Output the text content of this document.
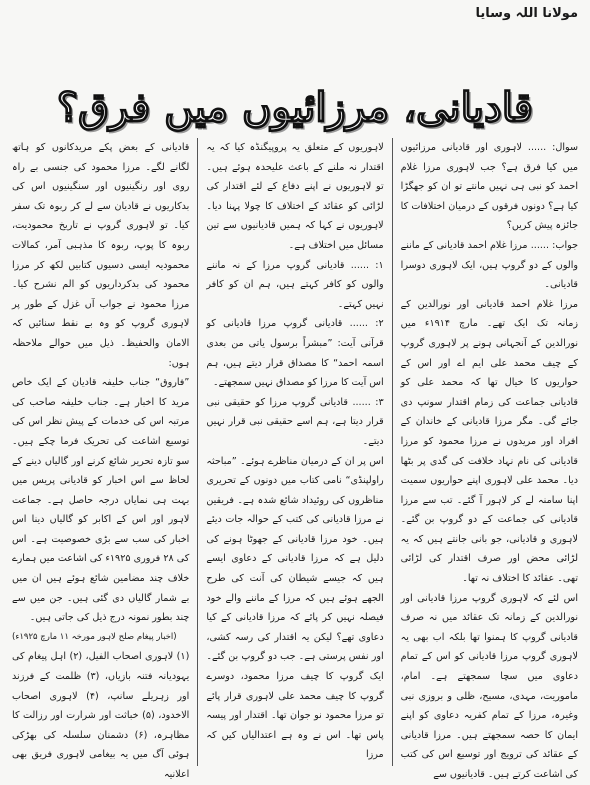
مولانا اللہ وسایا
قادیانی، مرزائیوں میں فرق؟

سوال: ...... لاہوری اور قادیانی مرزائیوں میں کیا فرق ہے؟ جب لاہوری مرزا غلام احمد کو نبی ہی نہیں مانتے تو ان کو جھگڑا کیا ہے؟ دونوں فرقوں کے درمیان اختلافات کا جائزہ پیش کریں؟

جواب: ...... مرزا غلام احمد قادیانی کے ماننے والوں کے دو گروپ ہیں، ایک لاہوری دوسرا قادیانی۔

مرزا غلام احمد قادیانی اور نورالدین کے زمانہ تک ایک تھے۔ مارچ ۱۹۱۴ء میں نورالدین کے آنجہانی ہونے پر لاہوری گروپ کے چیف محمد علی ایم اے اور اس کے حواریوں کا خیال تھا کہ محمد علی کو قادیانی جماعت کی زمام اقتدار سونپ دی جائے گی۔ مگر مرزا قادیانی کے خاندان کے افراد اور مریدوں نے مرزا محمود کو مرزا قادیانی کی نام نہاد خلافت کی گدی پر بٹھا دیا۔ محمد علی لاہوری اپنے حواریوں سمیت اپنا سامنہ لے کر لاہور آ گئے۔ تب سے مرزا قادیانی کی جماعت کے دو گروپ بن گئے۔ لاہوری و قادیانی، جو بانی جانتے ہیں کہ یہ لڑائی محض اور صرف اقتدار کی لڑائی تھی۔ عقائد کا اختلاف نہ تھا۔

اس لئے کہ لاہوری گروپ مرزا قادیانی اور نورالدین کے زمانہ تک عقائد میں نہ صرف قادیانی گروپ کا ہمنوا تھا بلکہ اب بھی یہ لاہوری گروپ مرزا قادیانی کو اس کے تمام دعاوی میں سچا سمجھتے ہے۔ امام، ماموریت، مہدی، مسیح، ظلی و بروزی نبی وغیرہ، مرزا کے تمام کفریہ دعاوی کو اپنے ایمان کا حصہ سمجھتے ہیں۔ مرزا قادیانی کے عقائد کی ترویج اور توسیع اس کی کتب کی اشاعت کرتے ہیں۔ قادیانیوں سے

لاہوریوں کے متعلق یہ پروپیگنڈہ کیا کہ یہ اقتدار نہ ملنے کے باعث علیحدہ ہوئے ہیں۔ تو لاہوریوں نے اپنے دفاع کے لئے اقتدار کی لڑائی کو عقائد کے اختلاف کا چولا پہنا دیا۔ لاہوریوں نے کہا کہ ہمیں قادیانیوں سے تین مسائل میں اختلاف ہے۔

۱: ...... قادیانی گروپ مرزا کے نہ ماننے والوں کو کافر کہتے ہیں، ہم ان کو کافر نہیں کہتے۔

۲: ...... قادیانی گروپ مرزا قادیانی کو قرآنی آیت: ”مبشراً برسول یاتی من بعدی اسمہ احمد“ کا مصداق قرار دیتے ہیں، ہم اس آیت کا مرزا کو مصداق نہیں سمجھتے۔

۳: ...... قادیانی گروپ مرزا کو حقیقی نبی قرار دیتا ہے، ہم اسے حقیقی نبی قرار نہیں دیتے۔

اس پر ان کے درمیان مناظرے ہوئے۔ ”مباحثہ راولپنڈی“ نامی کتاب میں دونوں کے تحریری مناظروں کی روئیداد شائع شدہ ہے۔ فریقین نے مرزا قادیانی کی کتب کے حوالہ جات دیئے ہیں۔ خود مرزا قادیانی کے جھوٹا ہونے کی دلیل ہے کہ مرزا قادیانی کے دعاوی ایسے ہیں کہ جیسے شیطان کی آنت کی طرح الجھے ہوئے ہیں کہ مرزا کے ماننے والے خود فیصلہ نہیں کر پائے کہ مرزا قادیانی کے کیا دعاوی تھے؟ لیکن یہ اقتدار کی رسہ کشی، اور نفس پرستی ہے۔ جب دو گروپ بن گئے۔ ایک گروپ کا چیف مرزا محمود، دوسرے گروپ کا چیف محمد علی لاہوری قرار پائے تو مرزا محمود نو جوان تھا۔ اقتدار اور پیسہ پاس تھا۔ اس نے وہ ہے اعتدالیاں کیں کہ مرزا

قادیانی کے بعض پکے مریدکانوں کو ہاتھ لگانے لگے۔ مرزا محمود کی جنسی بے راہ روی اور رنگینیوں اور سنگینیوں اس کی بدکاریوں نے قادیان سے لے کر ربوہ تک سفر کیا۔ تو لاہوری گروپ نے تاریخ محمودیت، ربوہ کا پوپ، ربوہ کا مذہبی آمر، کمالات محمودیہ ایسی دسیوں کتابیں لکھ کر مرزا محمود کی بدکرداریوں کو الم نشرح کیا۔ مرزا محمود نے جواب آں غزل کے طور پر لاہوری گروپ کو وہ بے نقط سنائیں کہ الامان والحفیظ۔ ذیل میں حوالے ملاحظہ ہوں:

”فاروق“ جناب خلیفہ قادیان کے ایک خاص مرید کا اخبار ہے۔ جناب خلیفہ صاحب کی مرتبہ اس کی خدمات کے پیش نظر اس کی توسیع اشاعت کی تحریک فرما چکے ہیں۔ سو تازہ تحریر شائع کرنے اور گالیاں دینے کے لحاظ سے اس اخبار کو قادیانی پریس میں بہت ہی نمایاں درجہ حاصل ہے۔ جماعت لاہور اور اس کے اکابر کو گالیاں دینا اس اخبار کی سب سے بڑی خصوصیت ہے۔ اس کی ۲۸ فروری ۱۹۲۵ء کی اشاعت میں ہمارے خلاف چند مضامین شائع ہوئے ہیں ان میں بے شمار گالیاں دی گئی ہیں۔ جن میں سے چند بطور نمونہ درج ذیل کی جاتی ہیں۔

(اخبار پیغام صلح لاہور مورخہ ۱۱ مارچ ۱۹۲۵ء)

(۱) لاہوری اصحاب الفیل، (۲) اہل پیغام کی یہودیانہ فتنہ بازیاں، (۳) ظلمت کے فرزند اور زہریلے سانپ، (۴) لاہوری اصحاب الاخدود، (۵) خباثت اور شرارت اور رزالت کا مظاہرہ، (۶) دشمنان سلسلہ کی بھڑکی ہوئی آگ میں یہ بیغامی لاہوری فریق بھی اعلانیہ
